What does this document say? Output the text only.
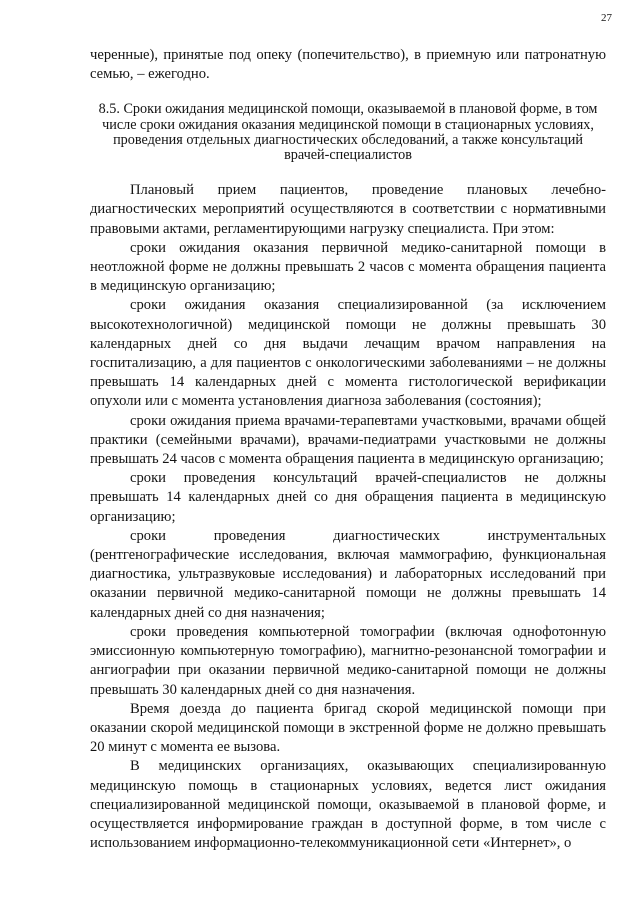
27

черенные), принятые под опеку (попечительство), в приемную или патронатную семью, – ежегодно.

8.5. Сроки ожидания медицинской помощи, оказываемой в плановой форме, в том числе сроки ожидания оказания медицинской помощи в стационарных условиях, проведения отдельных диагностических обследований, а также консультаций врачей-специалистов

Плановый прием пациентов, проведение плановых лечебно-диагностических мероприятий осуществляются в соответствии с нормативными правовыми актами, регламентирующими нагрузку специалиста. При этом:

сроки ожидания оказания первичной медико-санитарной помощи в неотложной форме не должны превышать 2 часов с момента обращения пациента в медицинскую организацию;

сроки ожидания оказания специализированной (за исключением высокотехнологичной) медицинской помощи не должны превышать 30 календарных дней со дня выдачи лечащим врачом направления на госпитализацию, а для пациентов с онкологическими заболеваниями – не должны превышать 14 календарных дней с момента гистологической верификации опухоли или с момента установления диагноза заболевания (состояния);

сроки ожидания приема врачами-терапевтами участковыми, врачами общей практики (семейными врачами), врачами-педиатрами участковыми не должны превышать 24 часов с момента обращения пациента в медицинскую организацию;

сроки проведения консультаций врачей-специалистов не должны превышать 14 календарных дней со дня обращения пациента в медицинскую организацию;

сроки проведения диагностических инструментальных (рентгенографические исследования, включая маммографию, функциональная диагностика, ультразвуковые исследования) и лабораторных исследований при оказании первичной медико-санитарной помощи не должны превышать 14 календарных дней со дня назначения;

сроки проведения компьютерной томографии (включая однофотонную эмиссионную компьютерную томографию), магнитно-резонансной томографии и ангиографии при оказании первичной медико-санитарной помощи не должны превышать 30 календарных дней со дня назначения.

Время доезда до пациента бригад скорой медицинской помощи при оказании скорой медицинской помощи в экстренной форме не должно превышать 20 минут с момента ее вызова.

В медицинских организациях, оказывающих специализированную медицинскую помощь в стационарных условиях, ведется лист ожидания специализированной медицинской помощи, оказываемой в плановой форме, и осуществляется информирование граждан в доступной форме, в том числе с использованием информационно-телекоммуникационной сети «Интернет», о
